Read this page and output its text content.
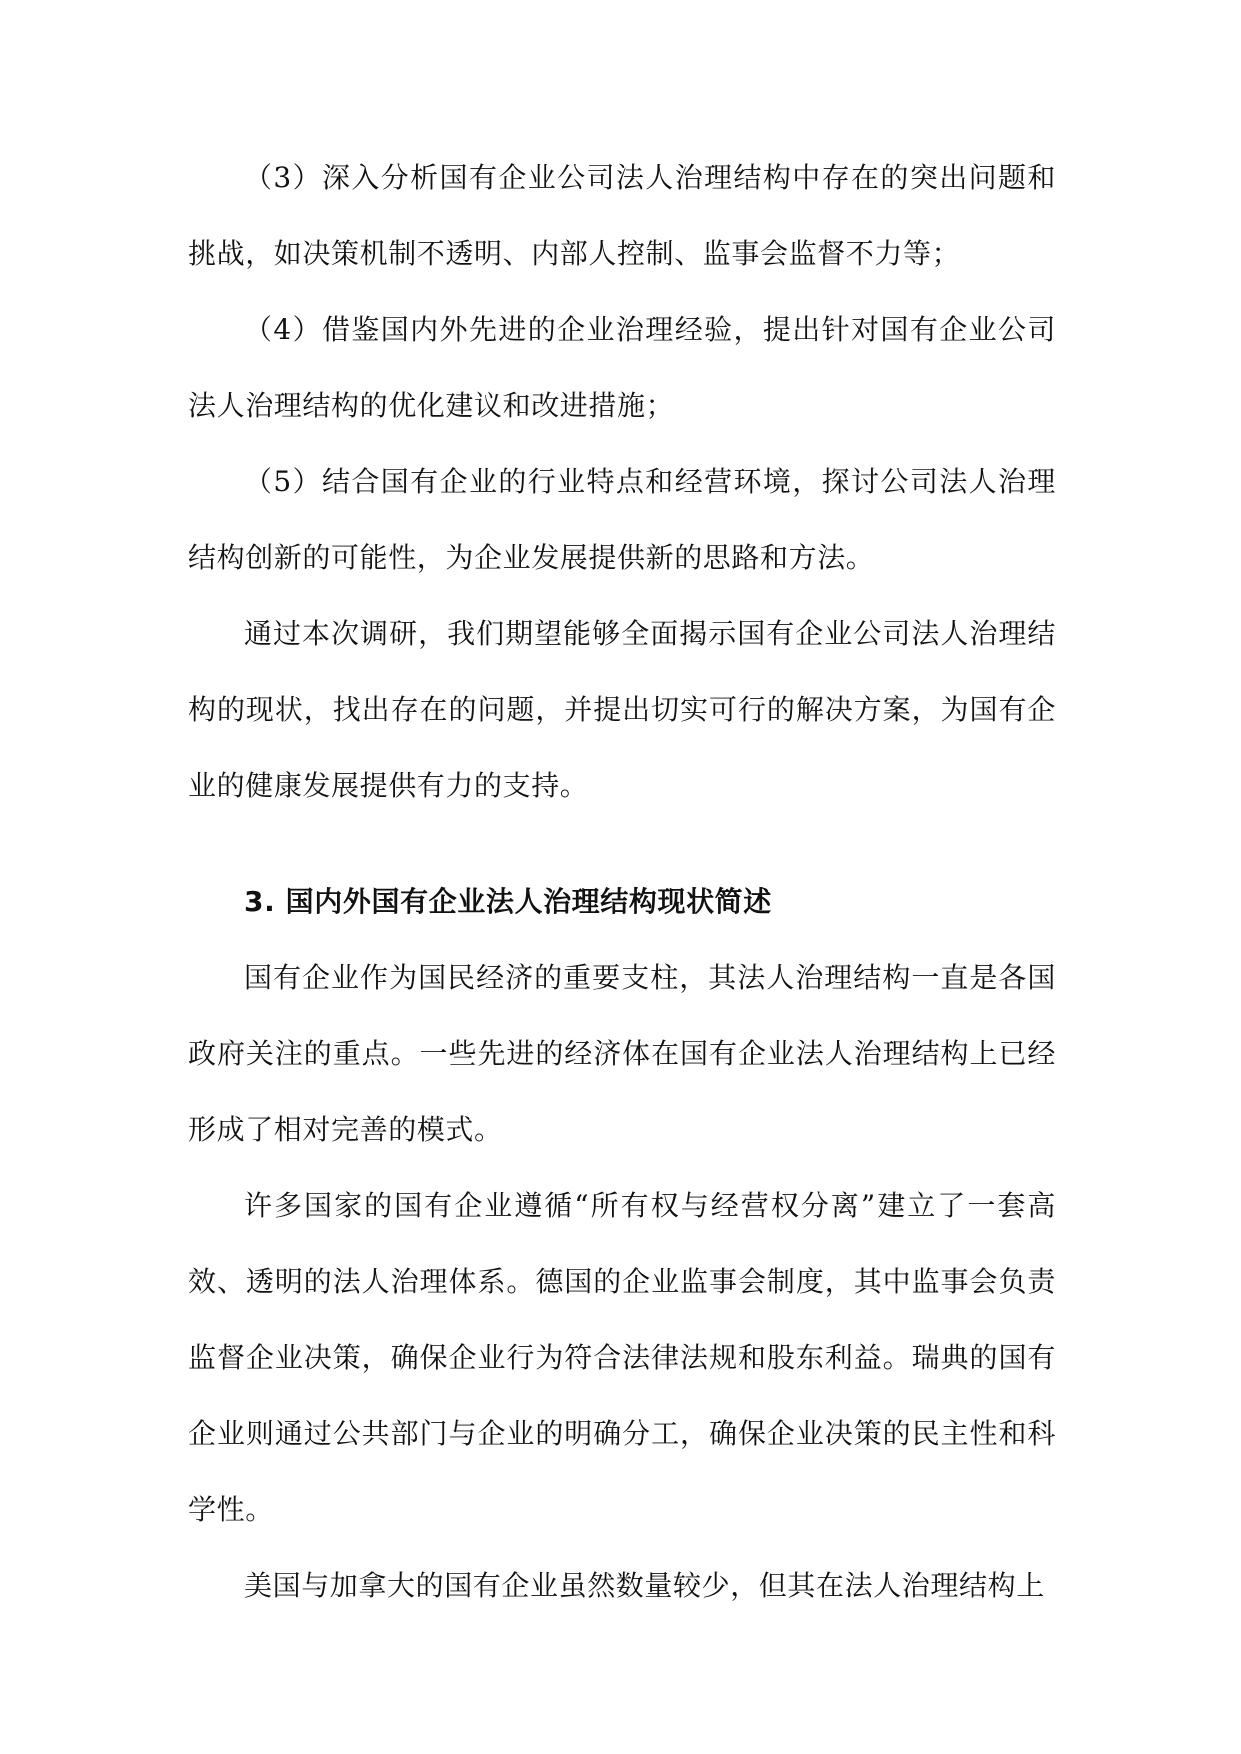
（3）深入分析国有企业公司法人治理结构中存在的突出问题和挑战，如决策机制不透明、内部人控制、监事会监督不力等；

（4）借鉴国内外先进的企业治理经验，提出针对国有企业公司法人治理结构的优化建议和改进措施；

（5）结合国有企业的行业特点和经营环境，探讨公司法人治理结构创新的可能性，为企业发展提供新的思路和方法。

通过本次调研，我们期望能够全面揭示国有企业公司法人治理结构的现状，找出存在的问题，并提出切实可行的解决方案，为国有企业的健康发展提供有力的支持。

3. 国内外国有企业法人治理结构现状简述

国有企业作为国民经济的重要支柱，其法人治理结构一直是各国政府关注的重点。一些先进的经济体在国有企业法人治理结构上已经形成了相对完善的模式。

许多国家的国有企业遵循“所有权与经营权分离”建立了一套高效、透明的法人治理体系。德国的企业监事会制度，其中监事会负责监督企业决策，确保企业行为符合法律法规和股东利益。瑞典的国有企业则通过公共部门与企业的明确分工，确保企业决策的民主性和科学性。

美国与加拿大的国有企业虽然数量较少，但其在法人治理结构上
